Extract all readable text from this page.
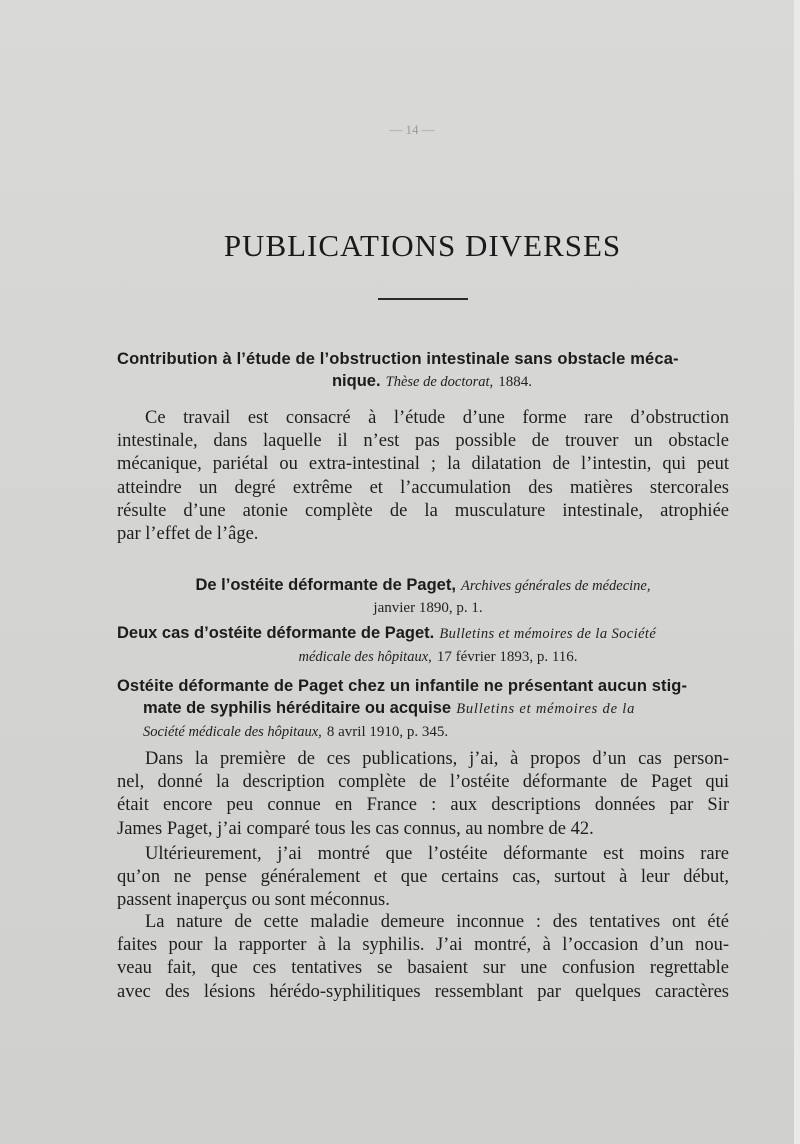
— 14 —
PUBLICATIONS DIVERSES
Contribution à l’étude de l’obstruction intestinale sans obstacle méca-
nique. Thèse de doctorat, 1884.
Ce travail est consacré à l’étude d’une forme rare d’obstruction
intestinale, dans laquelle il n’est pas possible de trouver un obstacle
mécanique, pariétal ou extra-intestinal ; la dilatation de l’intestin, qui peut
atteindre un degré extrême et l’accumulation des matières stercorales
résulte d’une atonie complète de la musculature intestinale, atrophiée
par l’effet de l’âge.
De l’ostéite déformante de Paget, Archives générales de médecine,
janvier 1890, p. 1.
Deux cas d’ostéite déformante de Paget. Bulletins et mémoires de la Société
médicale des hôpitaux, 17 février 1893, p. 116.
Ostéite déformante de Paget chez un infantile ne présentant aucun stig-
mate de syphilis héréditaire ou acquise Bulletins et mémoires de la
Société médicale des hôpitaux, 8 avril 1910, p. 345.
Dans la première de ces publications, j’ai, à propos d’un cas person-
nel, donné la description complète de l’ostéite déformante de Paget qui
était encore peu connue en France : aux descriptions données par Sir
James Paget, j’ai comparé tous les cas connus, au nombre de 42.
Ultérieurement, j’ai montré que l’ostéite déformante est moins rare
qu’on ne pense généralement et que certains cas, surtout à leur début,
passent inaperçus ou sont méconnus.
La nature de cette maladie demeure inconnue : des tentatives ont été
faites pour la rapporter à la syphilis. J’ai montré, à l’occasion d’un nou-
veau fait, que ces tentatives se basaient sur une confusion regrettable
avec des lésions hérédo-syphilitiques ressemblant par quelques caractères
